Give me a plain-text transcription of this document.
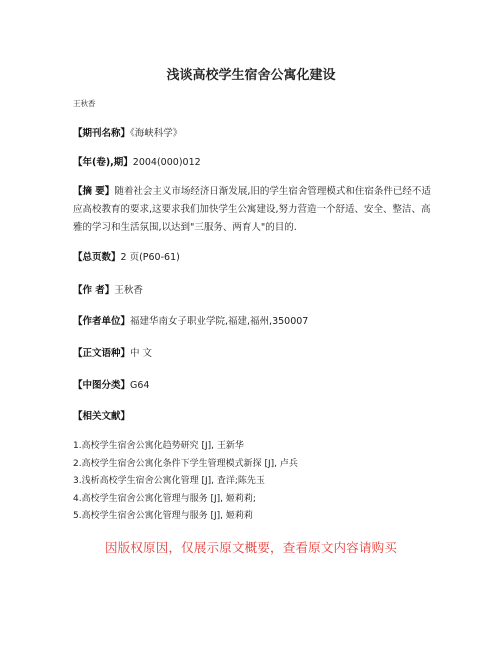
浅谈高校学生宿舍公寓化建设
王秋香
【期刊名称】《海峡科学》
【年(卷),期】2004(000)012
【摘 要】随着社会主义市场经济日渐发展,旧的学生宿舍管理模式和住宿条件已经不适应高校教育的要求,这要求我们加快学生公寓建设,努力营造一个舒适、安全、整洁、高雅的学习和生活氛围,以达到"三服务、两育人"的目的.
【总页数】2 页(P60-61)
【作 者】王秋香
【作者单位】福建华南女子职业学院,福建,福州,350007
【正文语种】中 文
【中图分类】G64
【相关文献】
1.高校学生宿舍公寓化趋势研究 [J], 王新华
2.高校学生宿舍公寓化条件下学生管理模式新探 [J], 卢兵
3.浅析高校学生宿舍公寓化管理 [J], 査洋;陈先玉
4.高校学生宿舍公寓化管理与服务 [J], 姬莉莉;
5.高校学生宿舍公寓化管理与服务 [J], 姬莉莉
因版权原因，仅展示原文概要，查看原文内容请购买
